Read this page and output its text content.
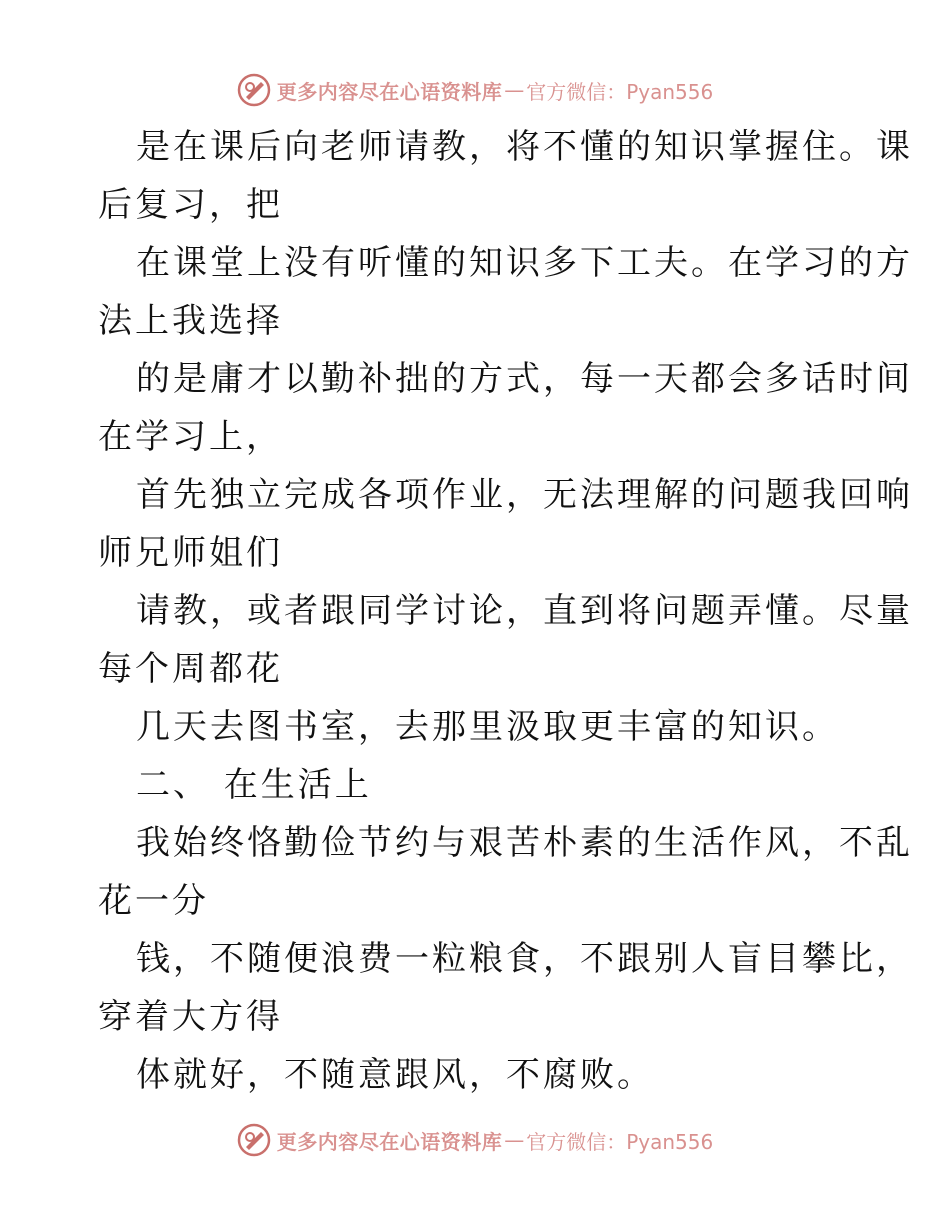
更多内容尽在心语资料库 — 官方微信：Pyan556
是在课后向老师请教，将不懂的知识掌握住。课
后复习，把
在课堂上没有听懂的知识多下工夫。在学习的方
法上我选择
的是庸才以勤补拙的方式，每一天都会多话时间
在学习上，
首先独立完成各项作业，无法理解的问题我回响
师兄师姐们
请教，或者跟同学讨论，直到将问题弄懂。尽量
每个周都花
几天去图书室，去那里汲取更丰富的知识。
二、 在生活上
我始终恪勤俭节约与艰苦朴素的生活作风，不乱
花一分
钱，不随便浪费一粒粮食，不跟别人盲目攀比，
穿着大方得
体就好，不随意跟风，不腐败。
更多内容尽在心语资料库 — 官方微信：Pyan556
